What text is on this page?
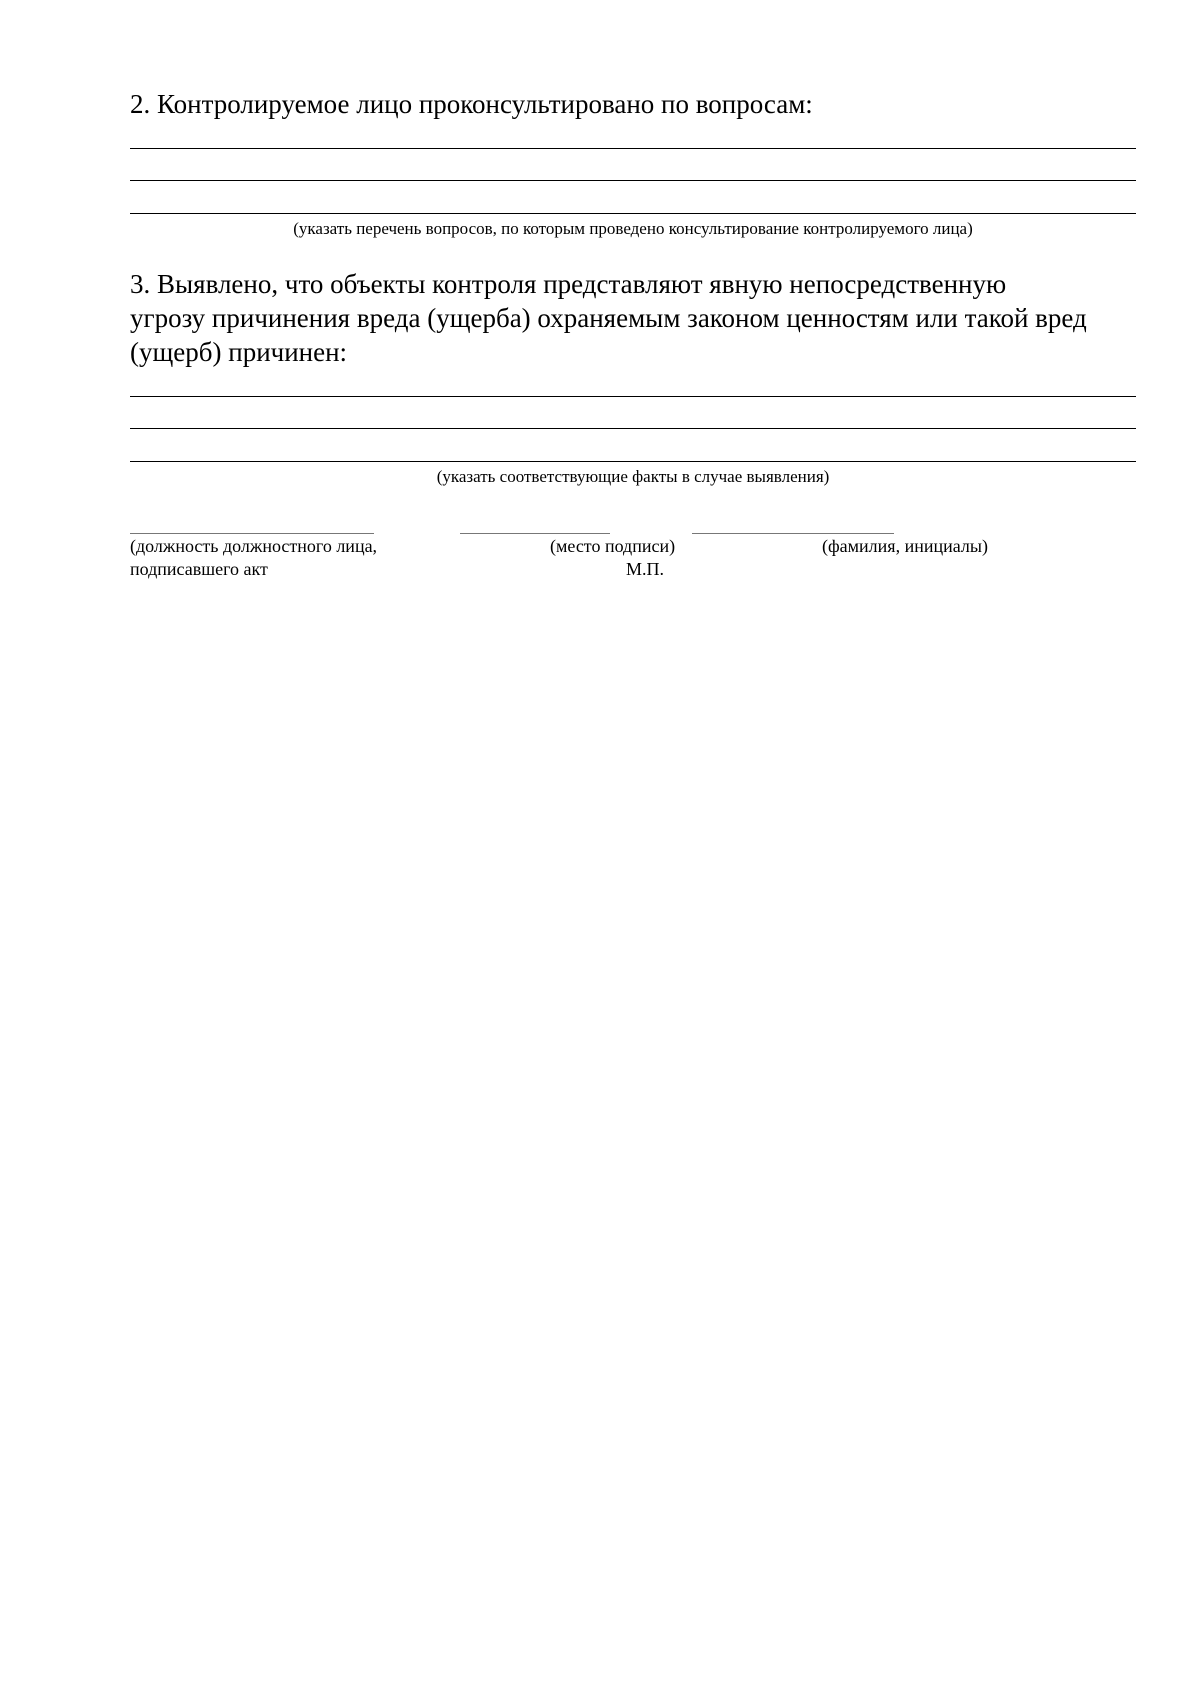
2. Контролируемое лицо проконсультировано по вопросам:

(указать перечень вопросов, по которым проведено консультирование контролируемого лица)

3. Выявлено, что объекты контроля представляют явную непосредственную

угрозу причинения вреда (ущерба) охраняемым законом ценностям или такой вред

(ущерб) причинен:

(указать соответствующие факты в случае выявления)

(должность должностного лица,

подписавшего акт

(место подписи)

М.П.

(фамилия, инициалы)
